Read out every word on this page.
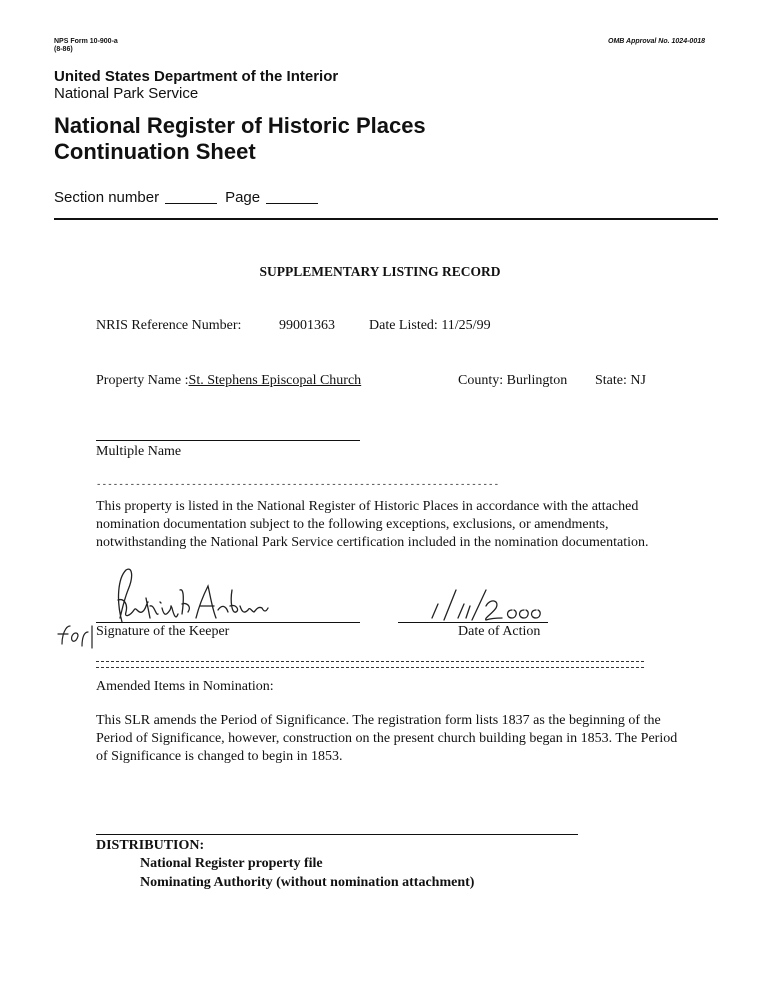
NPS Form 10-900-a
(8-86)
OMB Approval No. 1024-0018
United States Department of the Interior
National Park Service
National Register of Historic Places
Continuation Sheet
Section number	Page
SUPPLEMENTARY LISTING RECORD
NRIS Reference Number:	99001363 Date Listed: 11/25/99
Property Name :St. Stephens Episcopal Church	County: Burlington State: NJ
Multiple Name
------------------------------------------------------------------------
This property is listed in the National Register of Historic Places in accordance with the attached nomination documentation subject to the following exceptions, exclusions, or amendments, notwithstanding the National Park Service certification included in the nomination documentation.
Signature of the Keeper	Date of Action
Amended Items in Nomination:
This SLR amends the Period of Significance. The registration form lists 1837 as the beginning of the Period of Significance, however, construction on the present church building began in 1853. The Period of Significance is changed to begin in 1853.
DISTRIBUTION:
National Register property file
Nominating Authority (without nomination attachment)
